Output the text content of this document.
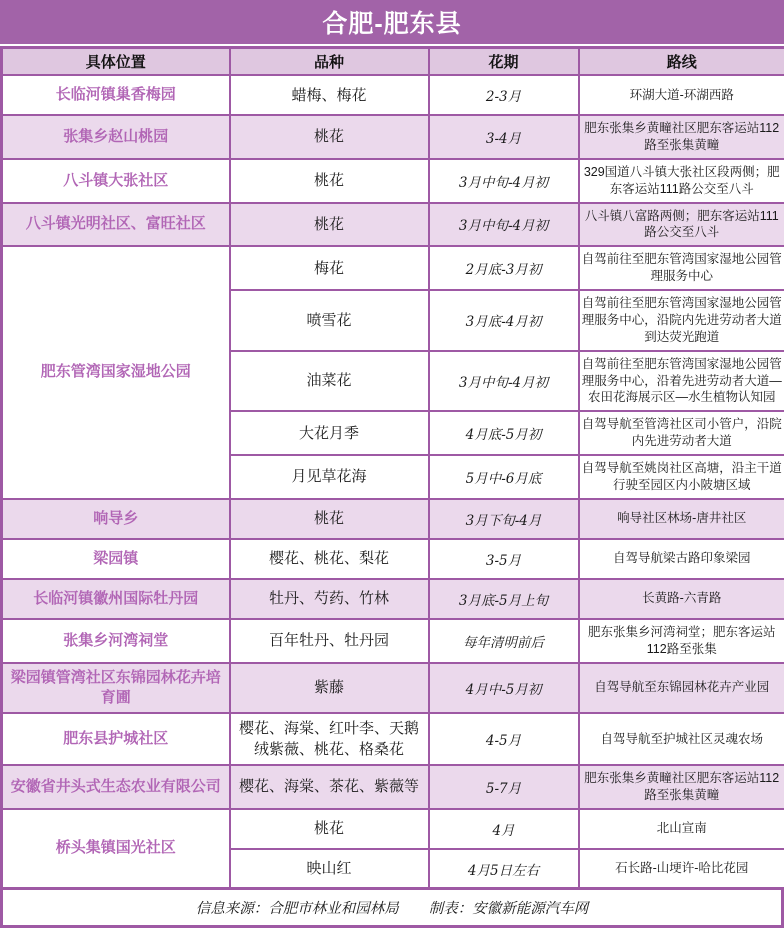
合肥-肥东县
具体位置	品种	花期	路线
长临河镇巢香梅园	蜡梅、梅花	2-3月	环湖大道-环湖西路
张集乡赵山桃园	桃花	3-4月	肥东张集乡黄疃社区肥东客运站112路至张集黄疃
八斗镇大张社区	桃花	3月中旬-4月初	329国道八斗镇大张社区段两侧；肥东客运站111路公交至八斗
八斗镇光明社区、富旺社区	桃花	3月中旬-4月初	八斗镇八富路两侧；肥东客运站111路公交至八斗
肥东管湾国家湿地公园	梅花	2月底-3月初	自驾前往至肥东管湾国家湿地公园管理服务中心
	喷雪花	3月底-4月初	自驾前往至肥东管湾国家湿地公园管理服务中心，沿院内先进劳动者大道到达荧光跑道
	油菜花	3月中旬-4月初	自驾前往至肥东管湾国家湿地公园管理服务中心，沿着先进劳动者大道—农田花海展示区—水生植物认知园
	大花月季	4月底-5月初	自驾导航至管湾社区司小管户，沿院内先进劳动者大道
	月见草花海	5月中-6月底	自驾导航至姚岗社区高塘，沿主干道行驶至园区内小陂塘区域
响导乡	桃花	3月下旬-4月	响导社区林场-唐井社区
梁园镇	樱花、桃花、梨花	3-5月	自驾导航梁古路印象梁园
长临河镇徽州国际牡丹园	牡丹、芍药、竹林	3月底-5月上旬	长黄路-六青路
张集乡河湾祠堂	百年牡丹、牡丹园	每年清明前后	肥东张集乡河湾祠堂；肥东客运站112路至张集
梁园镇管湾社区东锦园林花卉培育圃	紫藤	4月中-5月初	自驾导航至东锦园林花卉产业园
肥东县护城社区	樱花、海棠、红叶李、天鹅绒紫薇、桃花、格桑花	4-5月	自驾导航至护城社区灵魂农场
安徽省井头式生态农业有限公司	樱花、海棠、茶花、紫薇等	5-7月	肥东张集乡黄疃社区肥东客运站112路至张集黄疃
桥头集镇国光社区	桃花	4月	北山宣南
	映山红	4月5日左右	石长路-山埂许-哈比花园
信息来源：合肥市林业和园林局 制表：安徽新能源汽车网
